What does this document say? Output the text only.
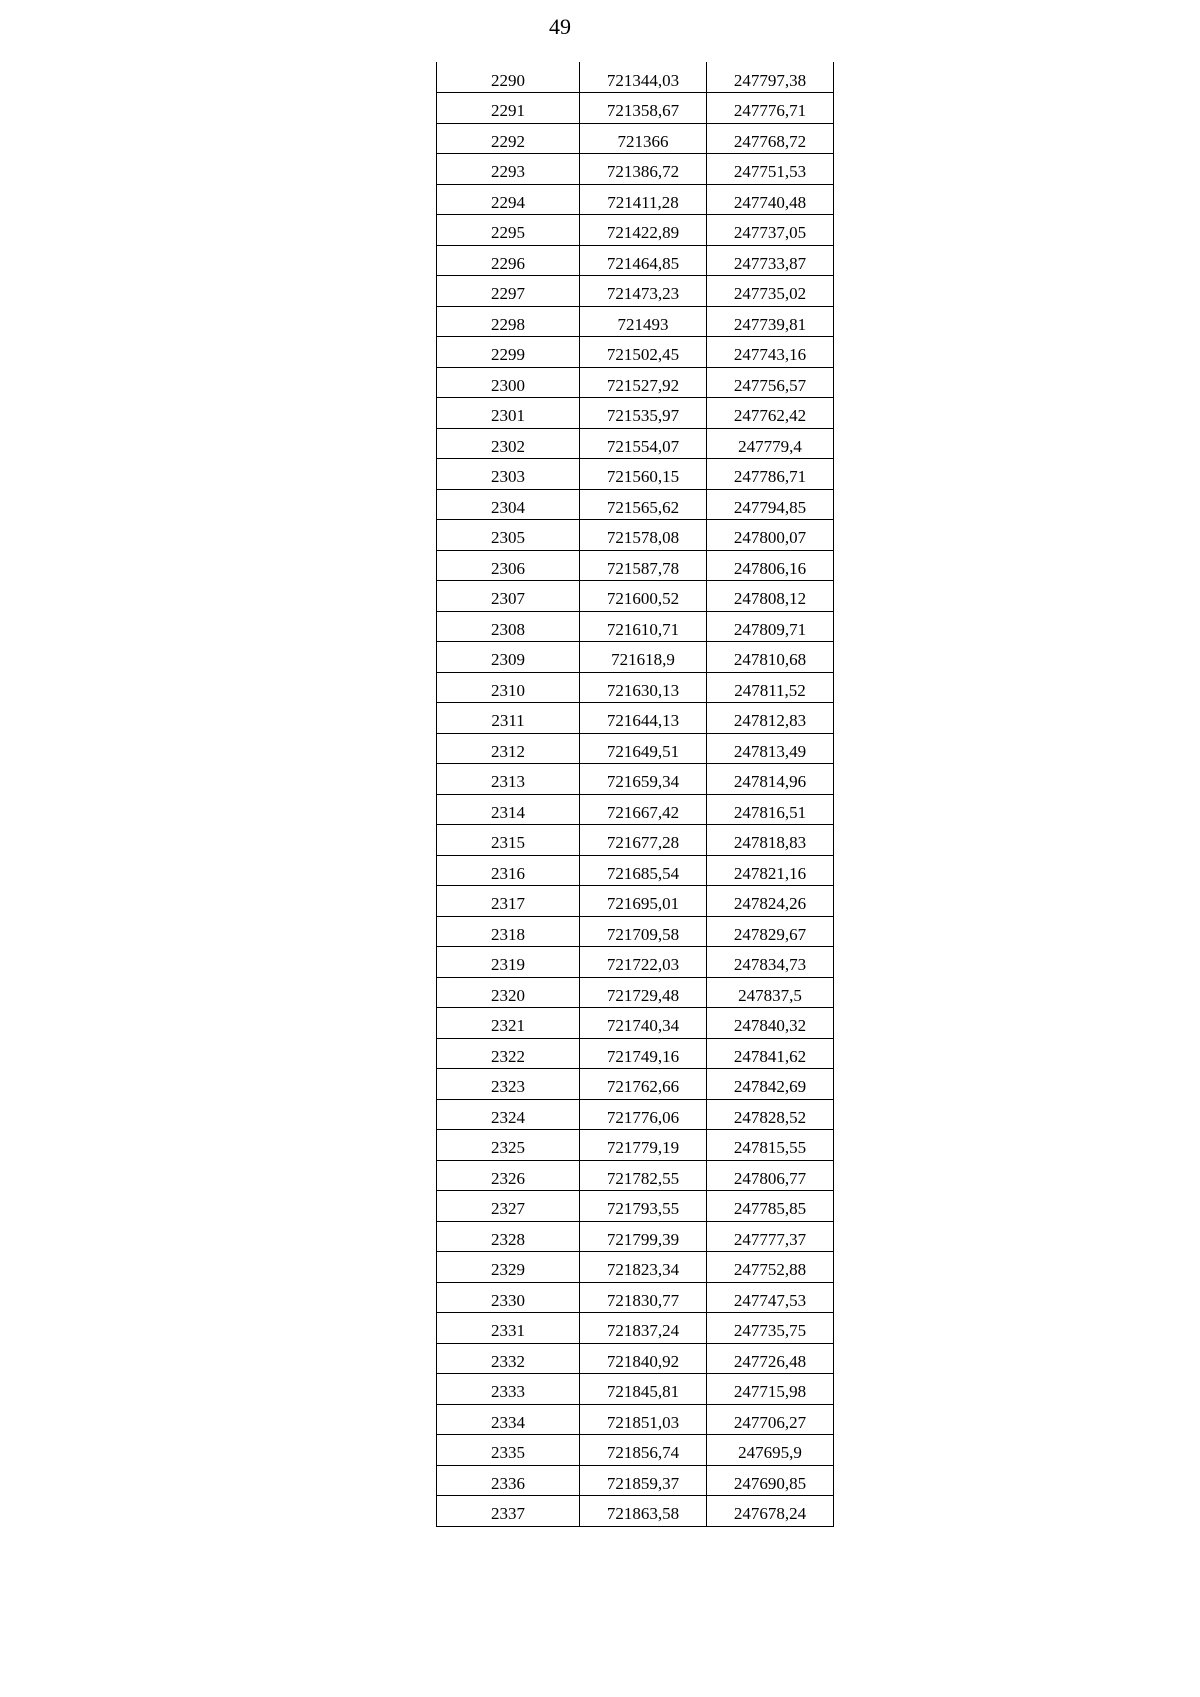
49
2290	721344,03	247797,38
2291	721358,67	247776,71
2292	721366	247768,72
2293	721386,72	247751,53
2294	721411,28	247740,48
2295	721422,89	247737,05
2296	721464,85	247733,87
2297	721473,23	247735,02
2298	721493	247739,81
2299	721502,45	247743,16
2300	721527,92	247756,57
2301	721535,97	247762,42
2302	721554,07	247779,4
2303	721560,15	247786,71
2304	721565,62	247794,85
2305	721578,08	247800,07
2306	721587,78	247806,16
2307	721600,52	247808,12
2308	721610,71	247809,71
2309	721618,9	247810,68
2310	721630,13	247811,52
2311	721644,13	247812,83
2312	721649,51	247813,49
2313	721659,34	247814,96
2314	721667,42	247816,51
2315	721677,28	247818,83
2316	721685,54	247821,16
2317	721695,01	247824,26
2318	721709,58	247829,67
2319	721722,03	247834,73
2320	721729,48	247837,5
2321	721740,34	247840,32
2322	721749,16	247841,62
2323	721762,66	247842,69
2324	721776,06	247828,52
2325	721779,19	247815,55
2326	721782,55	247806,77
2327	721793,55	247785,85
2328	721799,39	247777,37
2329	721823,34	247752,88
2330	721830,77	247747,53
2331	721837,24	247735,75
2332	721840,92	247726,48
2333	721845,81	247715,98
2334	721851,03	247706,27
2335	721856,74	247695,9
2336	721859,37	247690,85
2337	721863,58	247678,24
